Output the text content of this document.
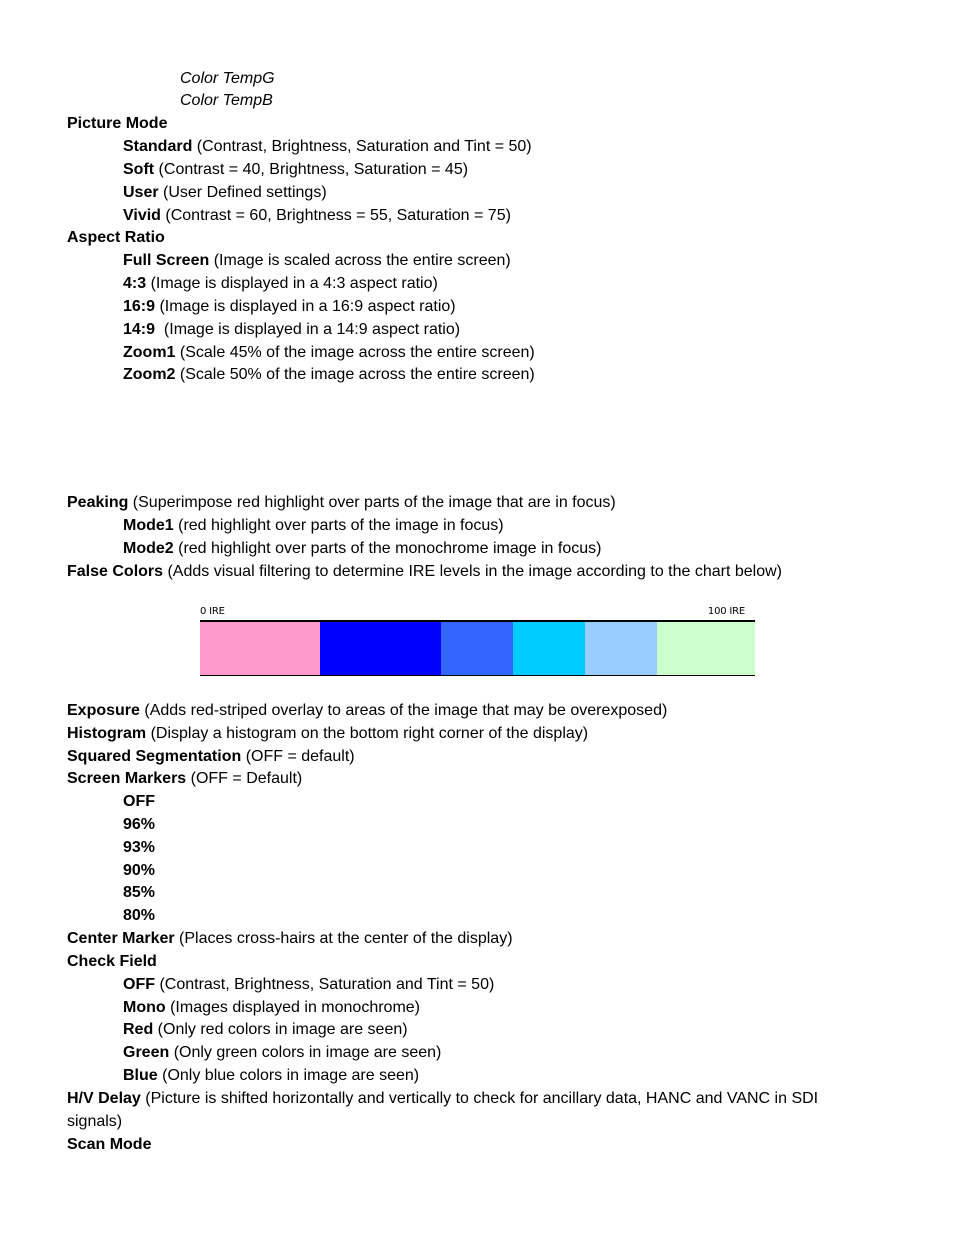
Color TempG
Color TempB
Picture Mode
Standard (Contrast, Brightness, Saturation and Tint = 50)
Soft (Contrast = 40, Brightness, Saturation = 45)
User (User Defined settings)
Vivid (Contrast = 60, Brightness = 55, Saturation = 75)
Aspect Ratio
Full Screen (Image is scaled across the entire screen)
4:3 (Image is displayed in a 4:3 aspect ratio)
16:9 (Image is displayed in a 16:9 aspect ratio)
14:9  (Image is displayed in a 14:9 aspect ratio)
Zoom1 (Scale 45% of the image across the entire screen)
Zoom2 (Scale 50% of the image across the entire screen)
Peaking (Superimpose red highlight over parts of the image that are in focus)
Mode1 (red highlight over parts of the image in focus)
Mode2 (red highlight over parts of the monochrome image in focus)
False Colors (Adds visual filtering to determine IRE levels in the image according to the chart below)
Exposure (Adds red-striped overlay to areas of the image that may be overexposed)
Histogram (Display a histogram on the bottom right corner of the display)
Squared Segmentation (OFF = default)
Screen Markers (OFF = Default)
OFF
96%
93%
90%
85%
80%
Center Marker (Places cross-hairs at the center of the display)
Check Field
OFF (Contrast, Brightness, Saturation and Tint = 50)
Mono (Images displayed in monochrome)
Red (Only red colors in image are seen)
Green (Only green colors in image are seen)
Blue (Only blue colors in image are seen)
H/V Delay (Picture is shifted horizontally and vertically to check for ancillary data, HANC and VANC in SDI
signals)
Scan Mode
0 IRE	100 IRE
